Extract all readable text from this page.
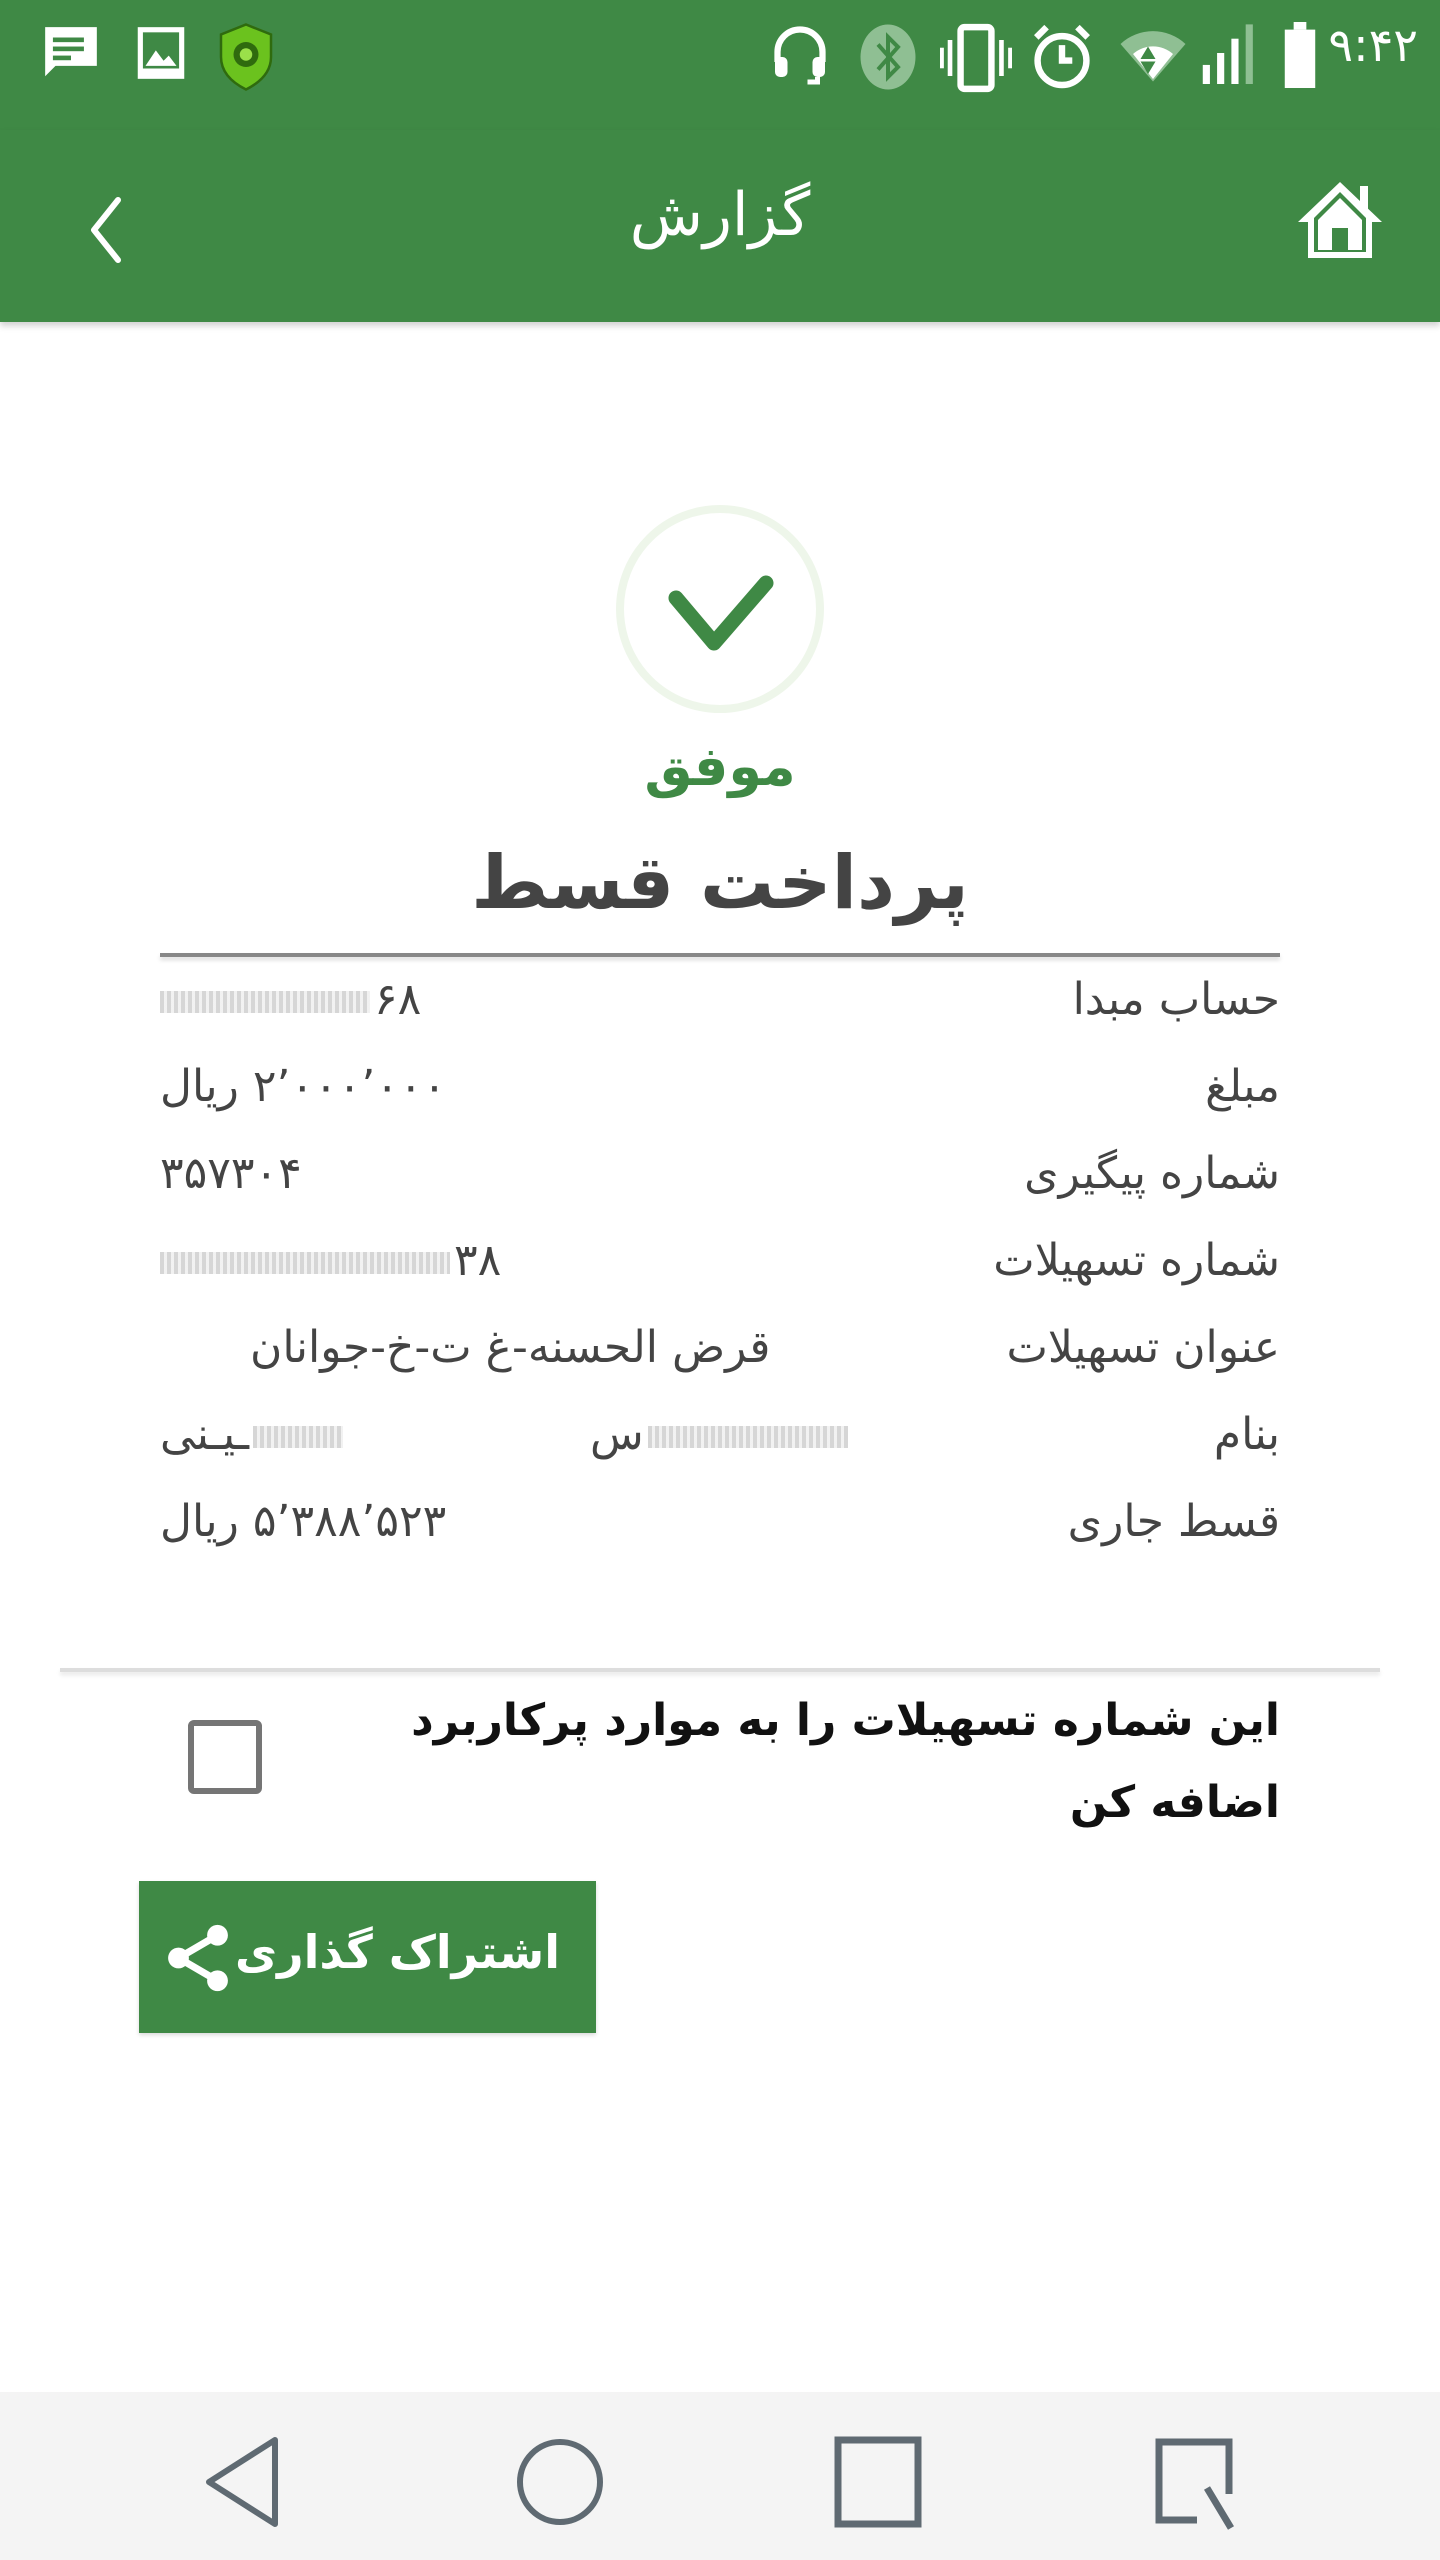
۹:۴۲
گزارش
موفق
پرداخت قسط
حساب مبدا
۶۸
مبلغ
۲٬۰۰۰٬۰۰۰ ریال
شماره پیگیری
۳۵۷۳۰۴
شماره تسهیلات
۳۸
عنوان تسهیلات
قرض الحسنه-غ ت-خ-جوانان
بنام
ـیـنی	س
قسط جاری
۵٬۳۸۸٬۵۲۳ ریال
این شماره تسهیلات را به موارد پرکاربرد اضافه کن
اشتراک گذاری
